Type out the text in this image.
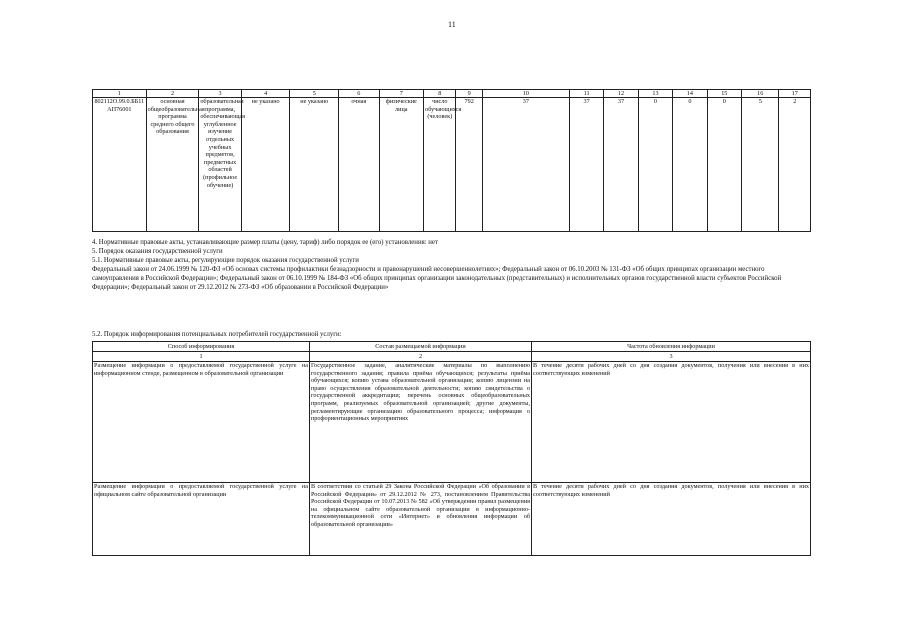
11
1	2	3	4	5	6	7	8	9	10	11	12	13	14	15	16	17
802112О.99.0.ББ11АП76001	основная общеобразовательная программа среднего общего образования	образовательная программа, обеспечивающая углубленное изучение отдельных учебных предметов, предметных областей (профильное обучение)	не указано	не указано	очная	физические лица	число обучающихся (человек)	792	37	37	37	0	0	0	5	2
4. Нормативные правовые акты, устанавливающие размер платы (цену, тариф) либо порядок ее (его) установления: нет
5. Порядок оказания государственной услуги
5.1. Нормативные правовые акты, регулирующие порядок оказания государственной услуги
Федеральный закон от 24.06.1999 № 120-ФЗ «Об основах системы профилактики безнадзорности и правонарушений несовершеннолетних»; Федеральный закон от 06.10.2003 № 131-ФЗ «Об общих принципах организации местного самоуправления в Российской Федерации»; Федеральный закон от 06.10.1999 № 184-ФЗ «Об общих принципах организации законодательных (представительных) и исполнительных органов государственной власти субъектов Российской Федерации»; Федеральный закон от 29.12.2012 № 273-ФЗ «Об образовании в Российской Федерации»
5.2. Порядок информирования потенциальных потребителей государственной услуги:
Способ информирования	Состав размещаемой информации	Частота обновления информации
1	2	3
Размещение информации о предоставляемой государственной услуге на информационном стенде, размещенном в образовательной организации	Государственное задание, аналитические материалы по выполнению государственного задания; правила приёма обучающихся; результаты приёма обучающихся; копию устава образовательной организации; копию лицензии на право осуществления образовательной деятельности; копию свидетельства о государственной аккредитации; перечень основных общеобразовательных программ, реализуемых образовательной организацией; другие документы, регламентирующие организацию образовательного процесса; информация о профориентационных мероприятиях	В течение десяти рабочих дней со дня создания документов, получения или внесения в них соответствующих изменений
Размещение информации о предоставляемой государственной услуге на официальном сайте образовательной организации	В соответствии со статьей 29 Закона Российской Федерации «Об образовании в Российской Федерации» от 29.12.2012 № 273, постановлением Правительства Российской Федерации от 10.07.2013 № 582 «Об утверждении правил размещения на официальном сайте образовательной организации в информационно-телекоммуникационной сети «Интернет» и обновления информации об образовательной организации»	В течение десяти рабочих дней со дня создания документов, получения или внесения в них соответствующих изменений
